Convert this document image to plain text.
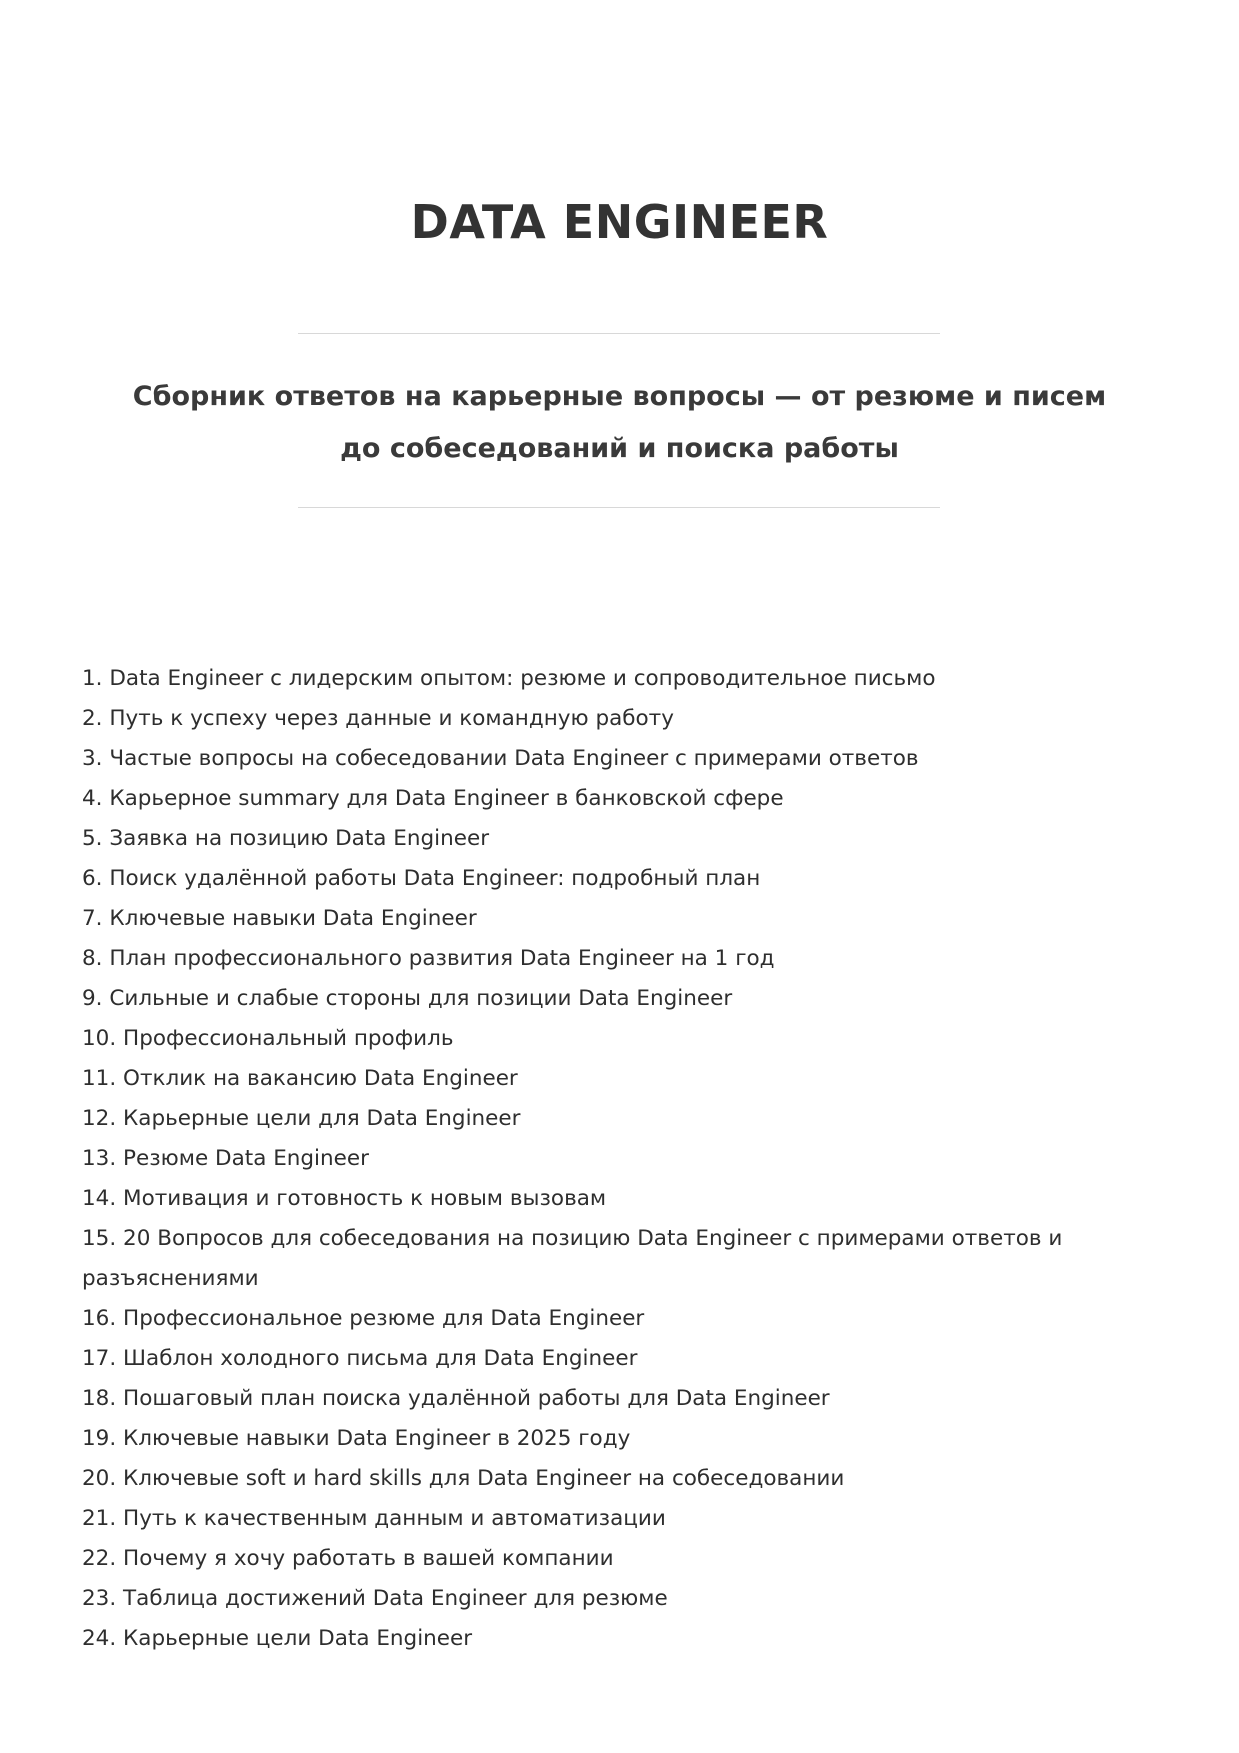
DATA ENGINEER

Сборник ответов на карьерные вопросы — от резюме и писем до собеседований и поиска работы

1. Data Engineer с лидерским опытом: резюме и сопроводительное письмо
2. Путь к успеху через данные и командную работу
3. Частые вопросы на собеседовании Data Engineer с примерами ответов
4. Карьерное summary для Data Engineer в банковской сфере
5. Заявка на позицию Data Engineer
6. Поиск удалённой работы Data Engineer: подробный план
7. Ключевые навыки Data Engineer
8. План профессионального развития Data Engineer на 1 год
9. Сильные и слабые стороны для позиции Data Engineer
10. Профессиональный профиль
11. Отклик на вакансию Data Engineer
12. Карьерные цели для Data Engineer
13. Резюме Data Engineer
14. Мотивация и готовность к новым вызовам
15. 20 Вопросов для собеседования на позицию Data Engineer с примерами ответов и разъяснениями
16. Профессиональное резюме для Data Engineer
17. Шаблон холодного письма для Data Engineer
18. Пошаговый план поиска удалённой работы для Data Engineer
19. Ключевые навыки Data Engineer в 2025 году
20. Ключевые soft и hard skills для Data Engineer на собеседовании
21. Путь к качественным данным и автоматизации
22. Почему я хочу работать в вашей компании
23. Таблица достижений Data Engineer для резюме
24. Карьерные цели Data Engineer
